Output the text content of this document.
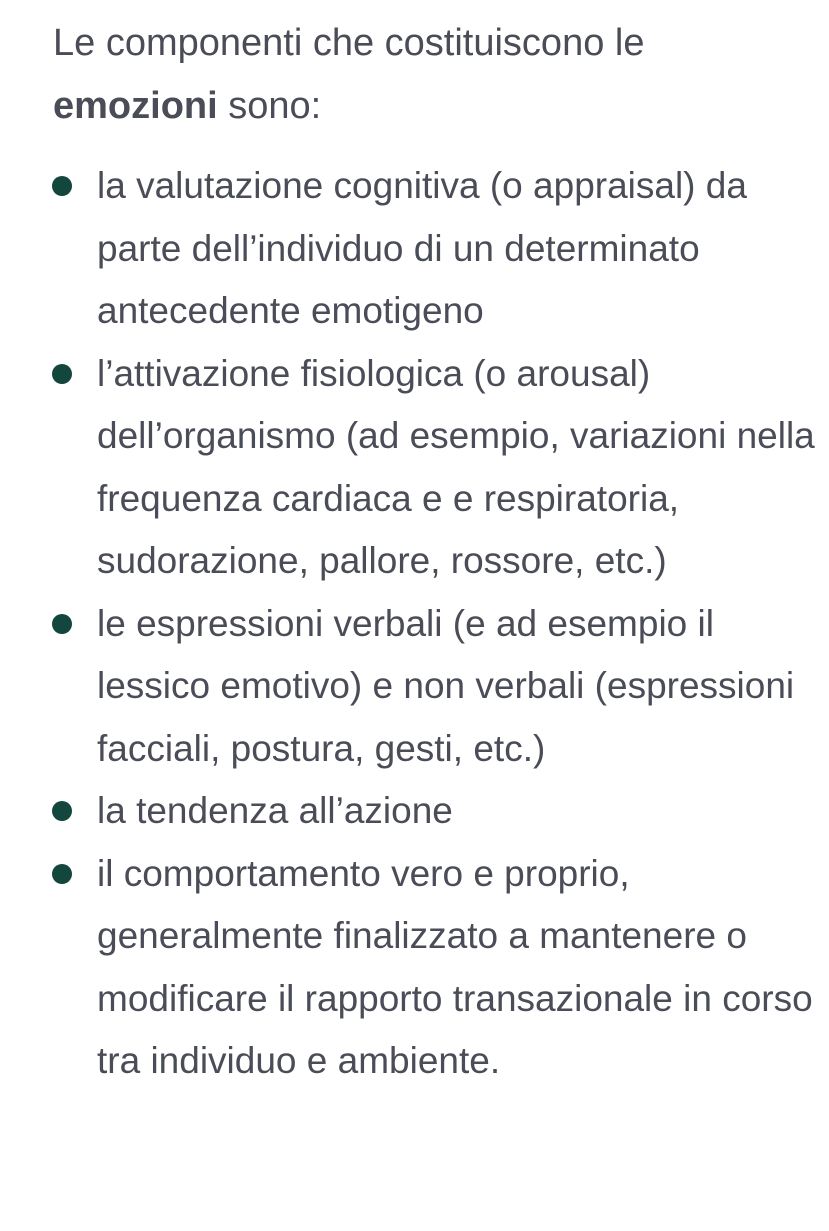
Le componenti che costituiscono le emozioni sono:

la valutazione cognitiva (o appraisal) da parte dell’individuo di un determinato antecedente emotigeno
l’attivazione fisiologica (o arousal) dell’organismo (ad esempio, variazioni nella frequenza cardiaca e e respiratoria, sudorazione, pallore, rossore, etc.)
le espressioni verbali (e ad esempio il lessico emotivo) e non verbali (espressioni facciali, postura, gesti, etc.)
la tendenza all’azione
il comportamento vero e proprio, generalmente finalizzato a mantenere o modificare il rapporto transazionale in corso tra individuo e ambiente.
